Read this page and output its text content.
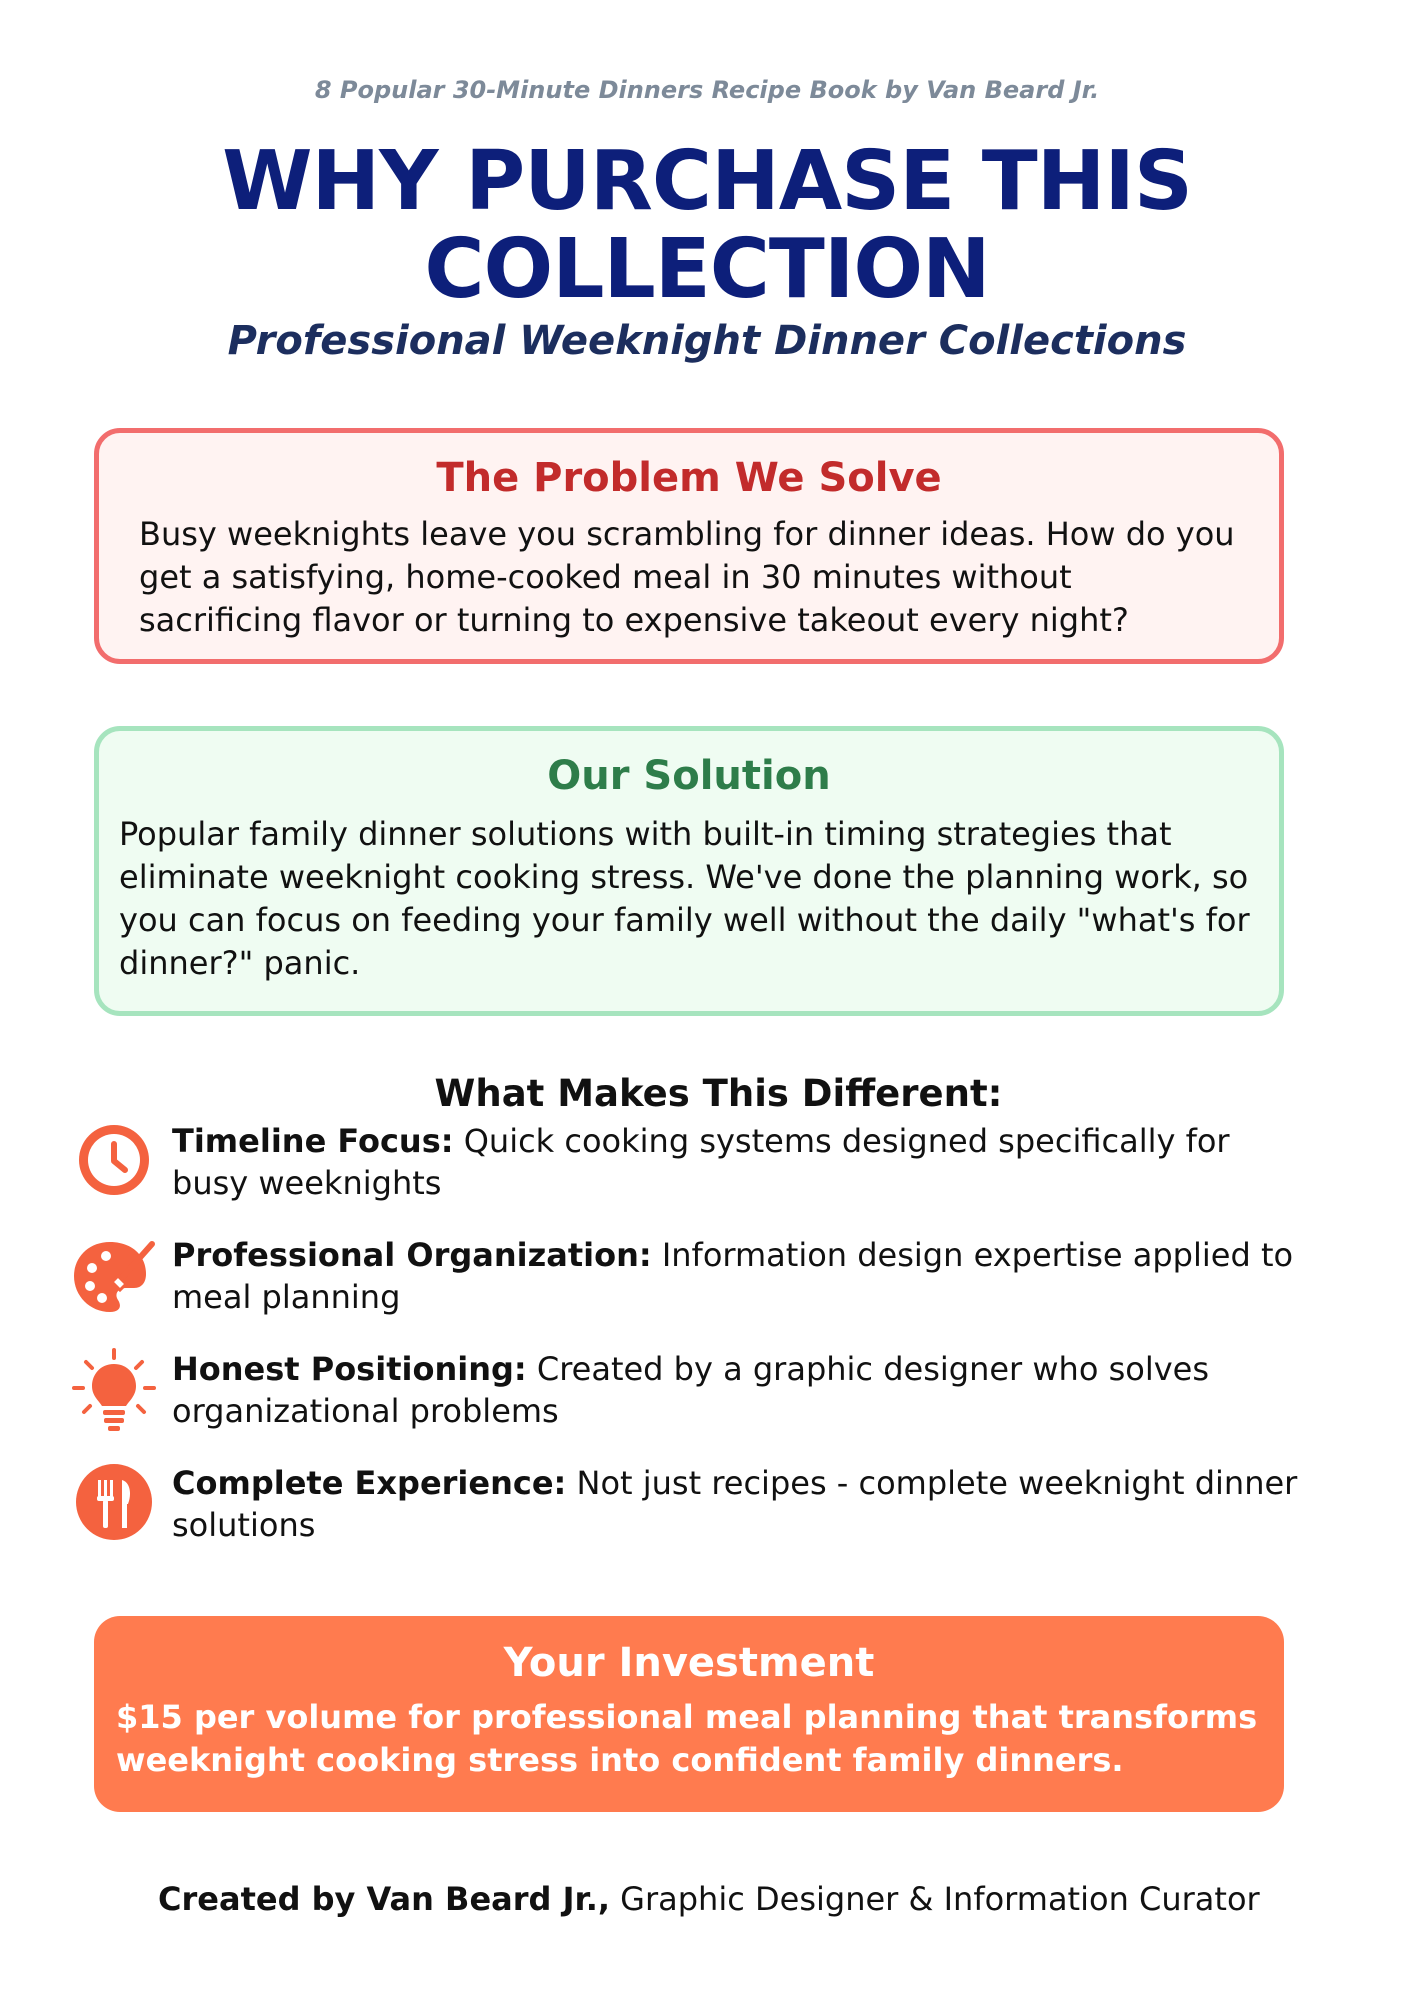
8 Popular 30-Minute Dinners Recipe Book by Van Beard Jr.
WHY PURCHASE THIS COLLECTION
Professional Weeknight Dinner Collections
The Problem We Solve
Busy weeknights leave you scrambling for dinner ideas. How do you get a satisfying, home-cooked meal in 30 minutes without sacrificing flavor or turning to expensive takeout every night?
Our Solution
Popular family dinner solutions with built-in timing strategies that eliminate weeknight cooking stress. We've done the planning work, so you can focus on feeding your family well without the daily "what's for dinner?" panic.
What Makes This Different:
Timeline Focus: Quick cooking systems designed specifically for busy weeknights
Professional Organization: Information design expertise applied to meal planning
Honest Positioning: Created by a graphic designer who solves organizational problems
Complete Experience: Not just recipes - complete weeknight dinner solutions
Your Investment
$15 per volume for professional meal planning that transforms weeknight cooking stress into confident family dinners.
Created by Van Beard Jr., Graphic Designer & Information Curator
